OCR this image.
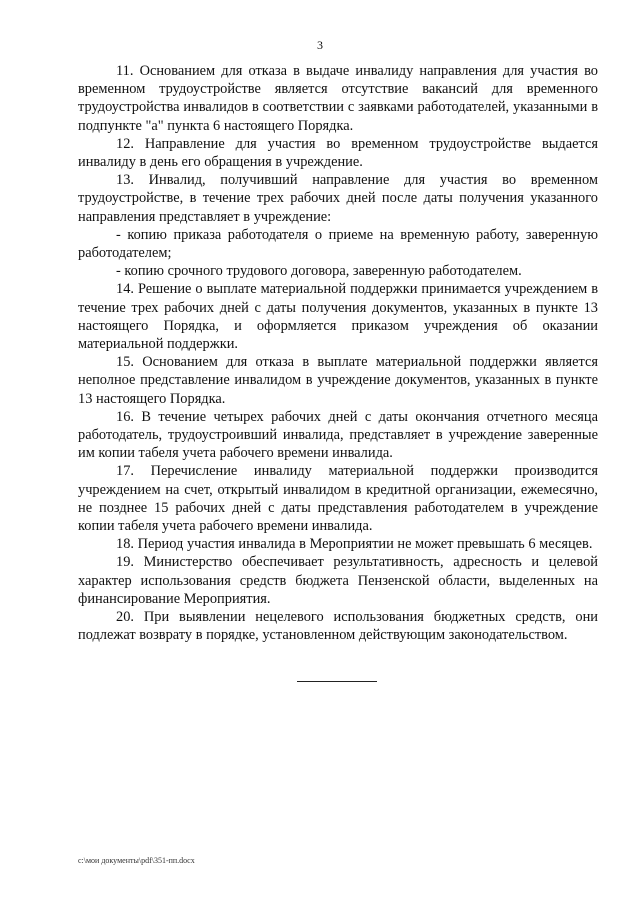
3

11. Основанием для отказа в выдаче инвалиду направления для участия во временном трудоустройстве является отсутствие вакансий для временного трудоустройства инвалидов в соответствии с заявками работодателей, указанными в подпункте "а" пункта 6 настоящего Порядка.

12. Направление для участия во временном трудоустройстве выдается инвалиду в день его обращения в учреждение.

13. Инвалид, получивший направление для участия во временном трудоустройстве, в течение трех рабочих дней после даты получения указанного направления представляет в учреждение:

- копию приказа работодателя о приеме на временную работу, заверенную работодателем;

- копию срочного трудового договора, заверенную работодателем.

14. Решение о выплате материальной поддержки принимается учреждением в течение трех рабочих дней с даты получения документов, указанных в пункте 13 настоящего Порядка, и оформляется приказом учреждения об оказании материальной поддержки.

15. Основанием для отказа в выплате материальной поддержки является неполное представление инвалидом в учреждение документов, указанных в пункте 13 настоящего Порядка.

16. В течение четырех рабочих дней с даты окончания отчетного месяца работодатель, трудоустроивший инвалида, представляет в учреждение заверенные им копии табеля учета рабочего времени инвалида.

17. Перечисление инвалиду материальной поддержки производится учреждением на счет, открытый инвалидом в кредитной организации, ежемесячно, не позднее 15 рабочих дней с даты представления работодателем в учреждение копии табеля учета рабочего времени инвалида.

18. Период участия инвалида в Мероприятии не может превышать 6 месяцев.

19. Министерство обеспечивает результативность, адресность и целевой характер использования средств бюджета Пензенской области, выделенных на финансирование Мероприятия.

20. При выявлении нецелевого использования бюджетных средств, они подлежат возврату в порядке, установленном действующим законодательством.

c:\мои документы\pdf\351-пп.docx
